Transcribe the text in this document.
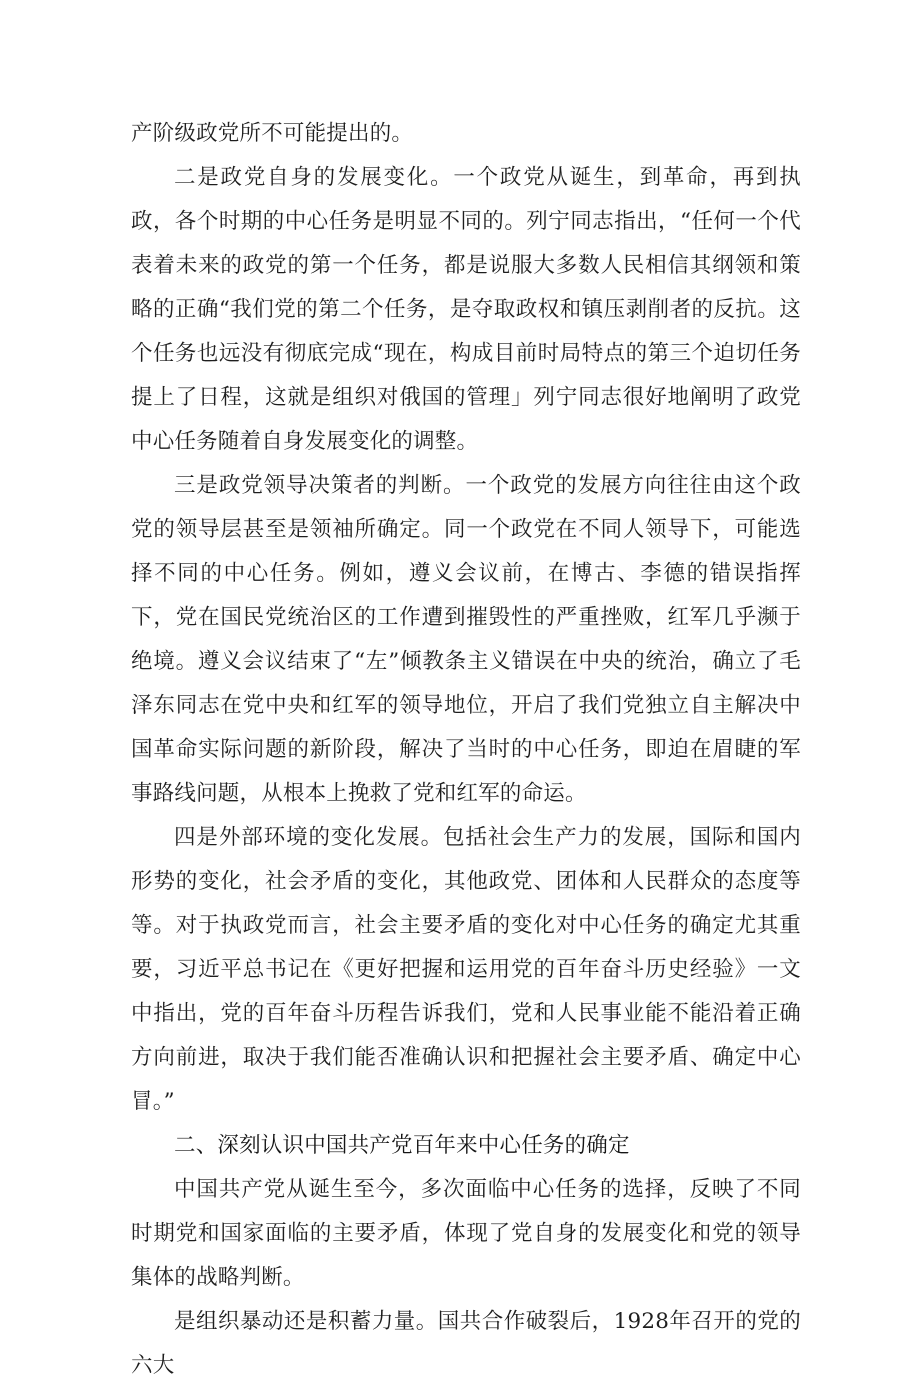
产阶级政党所不可能提出的。

二是政党自身的发展变化。一个政党从诞生，到革命，再到执政，各个时期的中心任务是明显不同的。列宁同志指出，“任何一个代表着未来的政党的第一个任务，都是说服大多数人民相信其纲领和策略的正确“我们党的第二个任务，是夺取政权和镇压剥削者的反抗。这个任务也远没有彻底完成“现在，构成目前时局特点的第三个迫切任务提上了日程，这就是组织对俄国的管理」列宁同志很好地阐明了政党中心任务随着自身发展变化的调整。

三是政党领导决策者的判断。一个政党的发展方向往往由这个政党的领导层甚至是领袖所确定。同一个政党在不同人领导下，可能选择不同的中心任务。例如，遵义会议前，在博古、李德的错误指挥下，党在国民党统治区的工作遭到摧毁性的严重挫败，红军几乎濒于绝境。遵义会议结束了“左”倾教条主义错误在中央的统治，确立了毛泽东同志在党中央和红军的领导地位，开启了我们党独立自主解决中国革命实际问题的新阶段，解决了当时的中心任务，即迫在眉睫的军事路线问题，从根本上挽救了党和红军的命运。

四是外部环境的变化发展。包括社会生产力的发展，国际和国内形势的变化，社会矛盾的变化，其他政党、团体和人民群众的态度等等。对于执政党而言，社会主要矛盾的变化对中心任务的确定尤其重要，习近平总书记在《更好把握和运用党的百年奋斗历史经验》一文中指出，党的百年奋斗历程告诉我们，党和人民事业能不能沿着正确方向前进，取决于我们能否准确认识和把握社会主要矛盾、确定中心冒。”

二、深刻认识中国共产党百年来中心任务的确定

中国共产党从诞生至今，多次面临中心任务的选择，反映了不同时期党和国家面临的主要矛盾，体现了党自身的发展变化和党的领导集体的战略判断。

是组织暴动还是积蓄力量。国共合作破裂后，1928年召开的党的六大
